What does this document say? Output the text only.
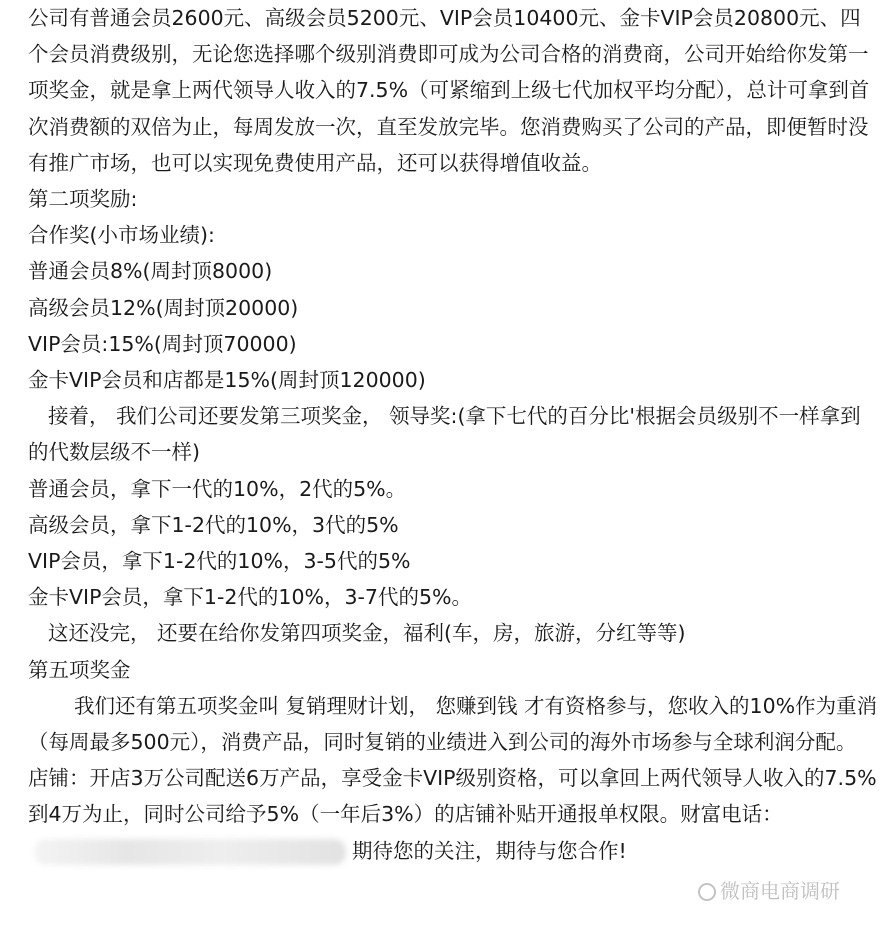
公司有普通会员2600元、高级会员5200元、VIP会员10400元、金卡VIP会员20800元、四个会员消费级别，无论您选择哪个级别消费即可成为公司合格的消费商，公司开始给你发第一项奖金，就是拿上两代领导人收入的7.5%（可紧缩到上级七代加权平均分配），总计可拿到首次消费额的双倍为止，每周发放一次，直至发放完毕。您消费购买了公司的产品，即便暂时没有推广市场，也可以实现免费使用产品，还可以获得增值收益。

第二项奖励:

合作奖(小市场业绩):

普通会员8%(周封顶8000)

高级会员12%(周封顶20000)

VIP会员:15%(周封顶70000)

金卡VIP会员和店都是15%(周封顶120000)

接着， 我们公司还要发第三项奖金， 领导奖:(拿下七代的百分比'根据会员级别不一样拿到的代数层级不一样)

普通会员，拿下一代的10%，2代的5%。

高级会员，拿下1-2代的10%，3代的5%

VIP会员，拿下1-2代的10%，3-5代的5%

金卡VIP会员，拿下1-2代的10%，3-7代的5%。

这还没完， 还要在给你发第四项奖金，福利(车，房，旅游，分红等等)

第五项奖金

我们还有第五项奖金叫 复销理财计划， 您赚到钱 才有资格参与，您收入的10%作为重消（每周最多500元），消费产品，同时复销的业绩进入到公司的海外市场参与全球利润分配。

店铺：开店3万公司配送6万产品，享受金卡VIP级别资格，可以拿回上两代领导人收入的7.5%到4万为止，同时公司给予5%（一年后3%）的店铺补贴开通报单权限。财富电话：期待您的关注，期待与您合作!

微商电商调研
